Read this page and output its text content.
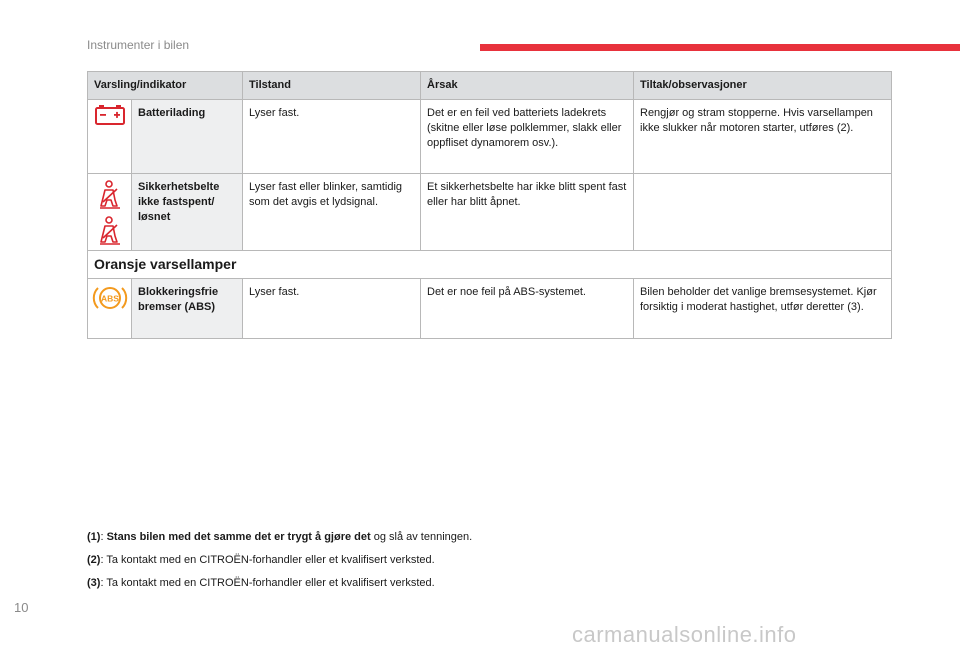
Instrumenter i bilen
Varsling/indikator		Tilstand	Årsak	Tiltak/observasjoner

	Batterilading	Lyser fast.	Det er en feil ved batteriets ladekrets (skitne eller løse polklemmer, slakk eller oppfliset dynamorem osv.).	Rengjør og stram stopperne. Hvis varsellampen ikke slukker når motoren starter, utføres (2).

	Sikkerhetsbelte ikke fastspent/ løsnet	Lyser fast eller blinker, samtidig som det avgis et lydsignal.	Et sikkerhetsbelte har ikke blitt spent fast eller har blitt åpnet.	
Oransje varsellamper				

ABS	Blokkeringsfrie bremser (ABS)	Lyser fast.	Det er noe feil på ABS-systemet.	Bilen beholder det vanlige bremsesystemet. Kjør forsiktig i moderat hastighet, utfør deretter (3).

(1): Stans bilen med det samme det er trygt å gjøre det og slå av tenningen.

(2): Ta kontakt med en CITROËN-forhandler eller et kvalifisert verksted.

(3): Ta kontakt med en CITROËN-forhandler eller et kvalifisert verksted.

10
carmanualsonline.info
